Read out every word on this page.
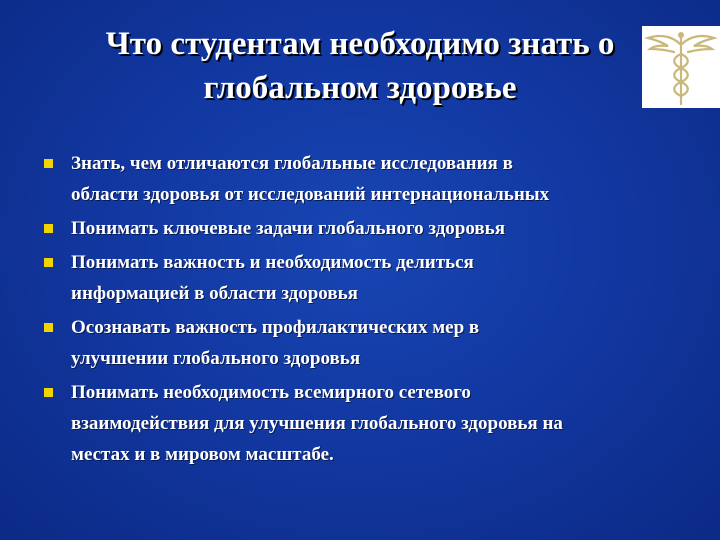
Что студентам необходимо знать о
глобальном здоровье
Знать, чем отличаются глобальные исследования в
области здоровья от исследований интернациональных
Понимать ключевые задачи глобального здоровья
Понимать важность и необходимость делиться
информацией в области здоровья
Осознавать важность профилактических мер в
улучшении глобального здоровья
Понимать необходимость всемирного сетевого
взаимодействия для улучшения глобального здоровья на
местах и в мировом масштабе.
